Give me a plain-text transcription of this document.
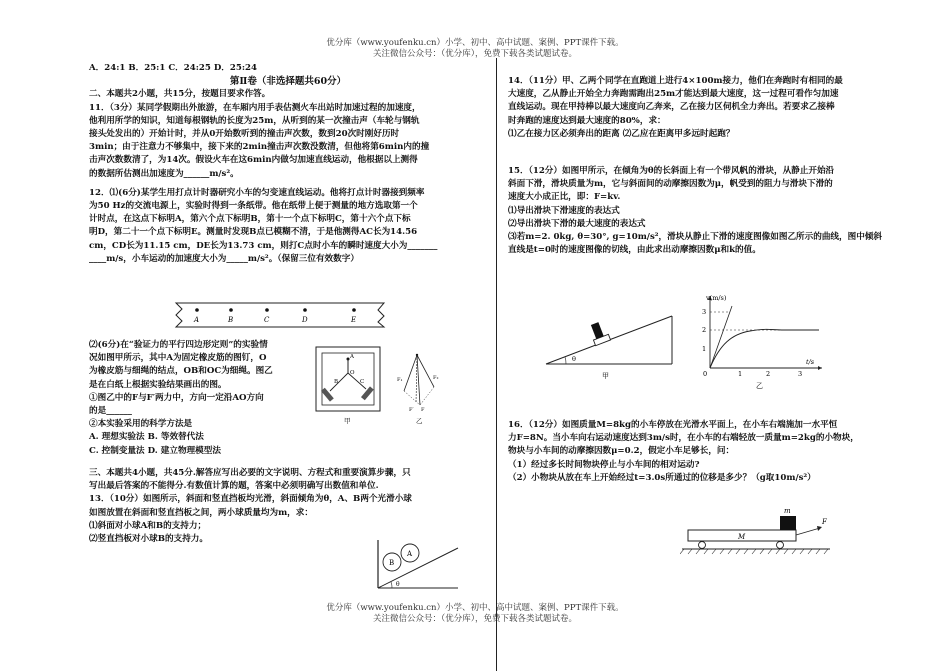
优分库（www.youfenku.cn）小学、初中、高中试题、案例、PPT课件下载。
关注微信公众号：（优分库），免费下载各类试题试卷。
优分库（www.youfenku.cn）小学、初中、高中试题、案例、PPT课件下载。
关注微信公众号：（优分库），免费下载各类试题试卷。

A．24:1 B．25:1 C．24:25 D．25:24

第Ⅱ卷（非选择题共60分）

二、本题共2小题，共15分，按题目要求作答。

11．（3分）某同学假期出外旅游，在车厢内用手表估测火车出站时加速过程的加速度，

他利用所学的知识，知道每根钢轨的长度为25m，从听到的某一次撞击声（车轮与钢轨

接头处发出的）开始计时，并从0开始数听到的撞击声次数，数到20次时刚好历时

3min；由于注意力不够集中，接下来的2min撞击声次数没数清，但他将第6min内的撞

击声次数数清了，为14次。假设火车在这6min内做匀加速直线运动，他根据以上测得

的数据所估测出加速度为______m/s²。

12．⑴(6分)某学生用打点计时器研究小车的匀变速直线运动。他将打点计时器接到频率

为50 Hz的交流电源上，实验时得到一条纸带。他在纸带上便于测量的地方选取第一个

计时点，在这点下标明A，第六个点下标明B，第十一个点下标明C，第十六个点下标

明D，第二十一个点下标明E。测量时发现B点已模糊不清，于是他测得AC长为14.56

cm，CD长为11.15 cm，DE长为13.73 cm，则打C点时小车的瞬时速度大小为_______

____m/s，小车运动的加速度大小为_____m/s²。（保留三位有效数字）

A	B	C	D	E

⑵(6分)在“验证力的平行四边形定则”的实验情

况如图甲所示，其中A为固定橡皮筋的图钉，O

为橡皮筋与细绳的结点，OB和OC为细绳。图乙

是在白纸上根据实验结果画出的图。

①图乙中的F与F′两力中，方向一定沿AO方向

的是______

②本实验采用的科学方法是

A. 理想实验法 B. 等效替代法

C. 控制变量法 D. 建立物理模型法

A
O
B	C
甲
F₁	F₂
F
F′
乙

三、本题共4小题，共45分.解答应写出必要的文字说明、方程式和重要演算步骤，只

写出最后答案的不能得分.有数值计算的题，答案中必须明确写出数值和单位.

13．（10分）如图所示，斜面和竖直挡板均光滑，斜面倾角为θ，A、B两个光滑小球

如图放置在斜面和竖直挡板之间，两小球质量均为m，求：

⑴斜面对小球A和B的支持力；

⑵竖直挡板对小球B的支持力。

B
A
θ

14．（11分）甲、乙两个同学在直跑道上进行4×100m接力，他们在奔跑时有相同的最

大速度，乙从静止开始全力奔跑需跑出25m才能达到最大速度，这一过程可看作匀加速

直线运动。现在甲持棒以最大速度向乙奔来，乙在接力区伺机全力奔出。若要求乙接棒

时奔跑的速度达到最大速度的80%，求：

⑴乙在接力区必须奔出的距离 ⑵乙应在距离甲多远时起跑？

15．（12分）如图甲所示，在倾角为θ的长斜面上有一个带风帆的滑块，从静止开始沿

斜面下滑，滑块质量为m，它与斜面间的动摩擦因数为μ，帆受到的阻力与滑块下滑的

速度大小成正比，即：F=kv.

⑴导出滑块下滑速度的表达式

⑵导出滑块下滑的最大速度的表达式

⑶若m=2. 0kg, θ=30°, g=10m/s²，滑块从静止下滑的速度图像如图乙所示的曲线，图中倾斜

直线是t=0时的速度图像的切线，由此求出动摩擦因数μ和k的值。

θ
甲
3
2
1
0	1	2	3
v(m/s)
t/s
乙

16．（12分）如图质量M=8kg的小车停放在光滑水平面上，在小车右端施加一水平恒

力F=8N。当小车向右运动速度达到3m/s时，在小车的右端轻放一质量m=2kg的小物块，

物块与小车间的动摩擦因数μ=0.2，假定小车足够长，问：

（1）经过多长时间物块停止与小车间的相对运动?

（2）小物块从放在车上开始经过t=3.0s所通过的位移是多少？（g取10m/s²）

m
M
F
